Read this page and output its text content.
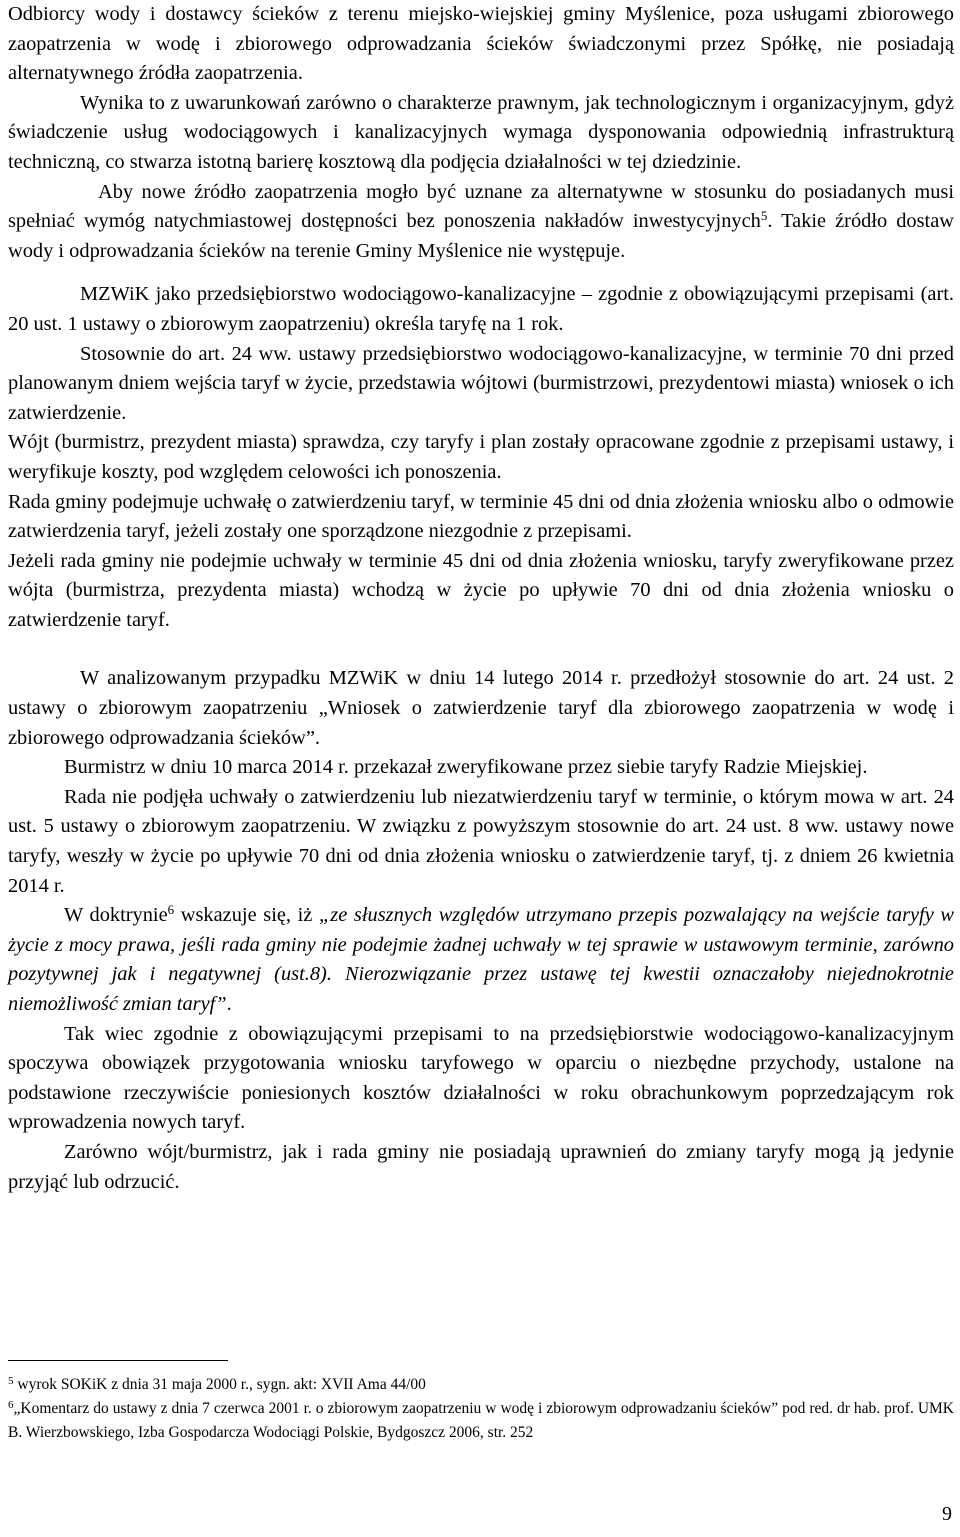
Odbiorcy wody i dostawcy ścieków z terenu miejsko-wiejskiej gminy Myślenice, poza usługami zbiorowego zaopatrzenia w wodę i zbiorowego odprowadzania ścieków świadczonymi przez Spółkę, nie posiadają alternatywnego źródła zaopatrzenia.

Wynika to z uwarunkowań zarówno o charakterze prawnym, jak technologicznym i organizacyjnym, gdyż świadczenie usług wodociągowych i kanalizacyjnych wymaga dysponowania odpowiednią infrastrukturą techniczną, co stwarza istotną barierę kosztową dla podjęcia działalności w tej dziedzinie.

Aby nowe źródło zaopatrzenia mogło być uznane za alternatywne w stosunku do posiadanych musi spełniać wymóg natychmiastowej dostępności bez ponoszenia nakładów inwestycyjnych$^5$. Takie źródło dostaw wody i odprowadzania ścieków na terenie Gminy Myślenice nie występuje.

MZWiK jako przedsiębiorstwo wodociągowo-kanalizacyjne – zgodnie z obowiązującymi przepisami (art. 20 ust. 1 ustawy o zbiorowym zaopatrzeniu) określa taryfę na 1 rok.

Stosownie do art. 24 ww. ustawy przedsiębiorstwo wodociągowo-kanalizacyjne, w terminie 70 dni przed planowanym dniem wejścia taryf w życie, przedstawia wójtowi (burmistrzowi, prezydentowi miasta) wniosek o ich zatwierdzenie.

Wójt (burmistrz, prezydent miasta) sprawdza, czy taryfy i plan zostały opracowane zgodnie z przepisami ustawy, i weryfikuje koszty, pod względem celowości ich ponoszenia.

Rada gminy podejmuje uchwałę o zatwierdzeniu taryf, w terminie 45 dni od dnia złożenia wniosku albo o odmowie zatwierdzenia taryf, jeżeli zostały one sporządzone niezgodnie z przepisami.

Jeżeli rada gminy nie podejmie uchwały w terminie 45 dni od dnia złożenia wniosku, taryfy zweryfikowane przez wójta (burmistrza, prezydenta miasta) wchodzą w życie po upływie 70 dni od dnia złożenia wniosku o zatwierdzenie taryf.

W analizowanym przypadku MZWiK w dniu 14 lutego 2014 r. przedłożył stosownie do art. 24 ust. 2 ustawy o zbiorowym zaopatrzeniu „Wniosek o zatwierdzenie taryf dla zbiorowego zaopatrzenia w wodę i zbiorowego odprowadzania ścieków”.

Burmistrz w dniu 10 marca 2014 r. przekazał zweryfikowane przez siebie taryfy Radzie Miejskiej.

Rada nie podjęła uchwały o zatwierdzeniu lub niezatwierdzeniu taryf w terminie, o którym mowa w art. 24 ust. 5 ustawy o zbiorowym zaopatrzeniu. W związku z powyższym stosownie do art. 24 ust. 8 ww. ustawy nowe taryfy, weszły w życie po upływie 70 dni od dnia złożenia wniosku o zatwierdzenie taryf, tj. z dniem 26 kwietnia 2014 r.

W doktrynie$^6$ wskazuje się, iż „ze słusznych względów utrzymano przepis pozwalający na wejście taryfy w życie z mocy prawa, jeśli rada gminy nie podejmie żadnej uchwały w tej sprawie w ustawowym terminie, zarówno pozytywnej jak i negatywnej (ust.8). Nierozwiązanie przez ustawę tej kwestii oznaczałoby niejednokrotnie niemożliwość zmian taryf”.

Tak wiec zgodnie z obowiązującymi przepisami to na przedsiębiorstwie wodociągowo-kanalizacyjnym spoczywa obowiązek przygotowania wniosku taryfowego w oparciu o niezbędne przychody, ustalone na podstawione rzeczywiście poniesionych kosztów działalności w roku obrachunkowym poprzedzającym rok wprowadzenia nowych taryf.

Zarówno wójt/burmistrz, jak i rada gminy nie posiadają uprawnień do zmiany taryfy mogą ją jedynie przyjąć lub odrzucić.

$^5$ wyrok SOKiK z dnia 31 maja 2000 r., sygn. akt: XVII Ama 44/00

$^6$„Komentarz do ustawy z dnia 7 czerwca 2001 r. o zbiorowym zaopatrzeniu w wodę i zbiorowym odprowadzaniu ścieków” pod red. dr hab. prof. UMK B. Wierzbowskiego, Izba Gospodarcza Wodociągi Polskie, Bydgoszcz 2006, str. 252

9
